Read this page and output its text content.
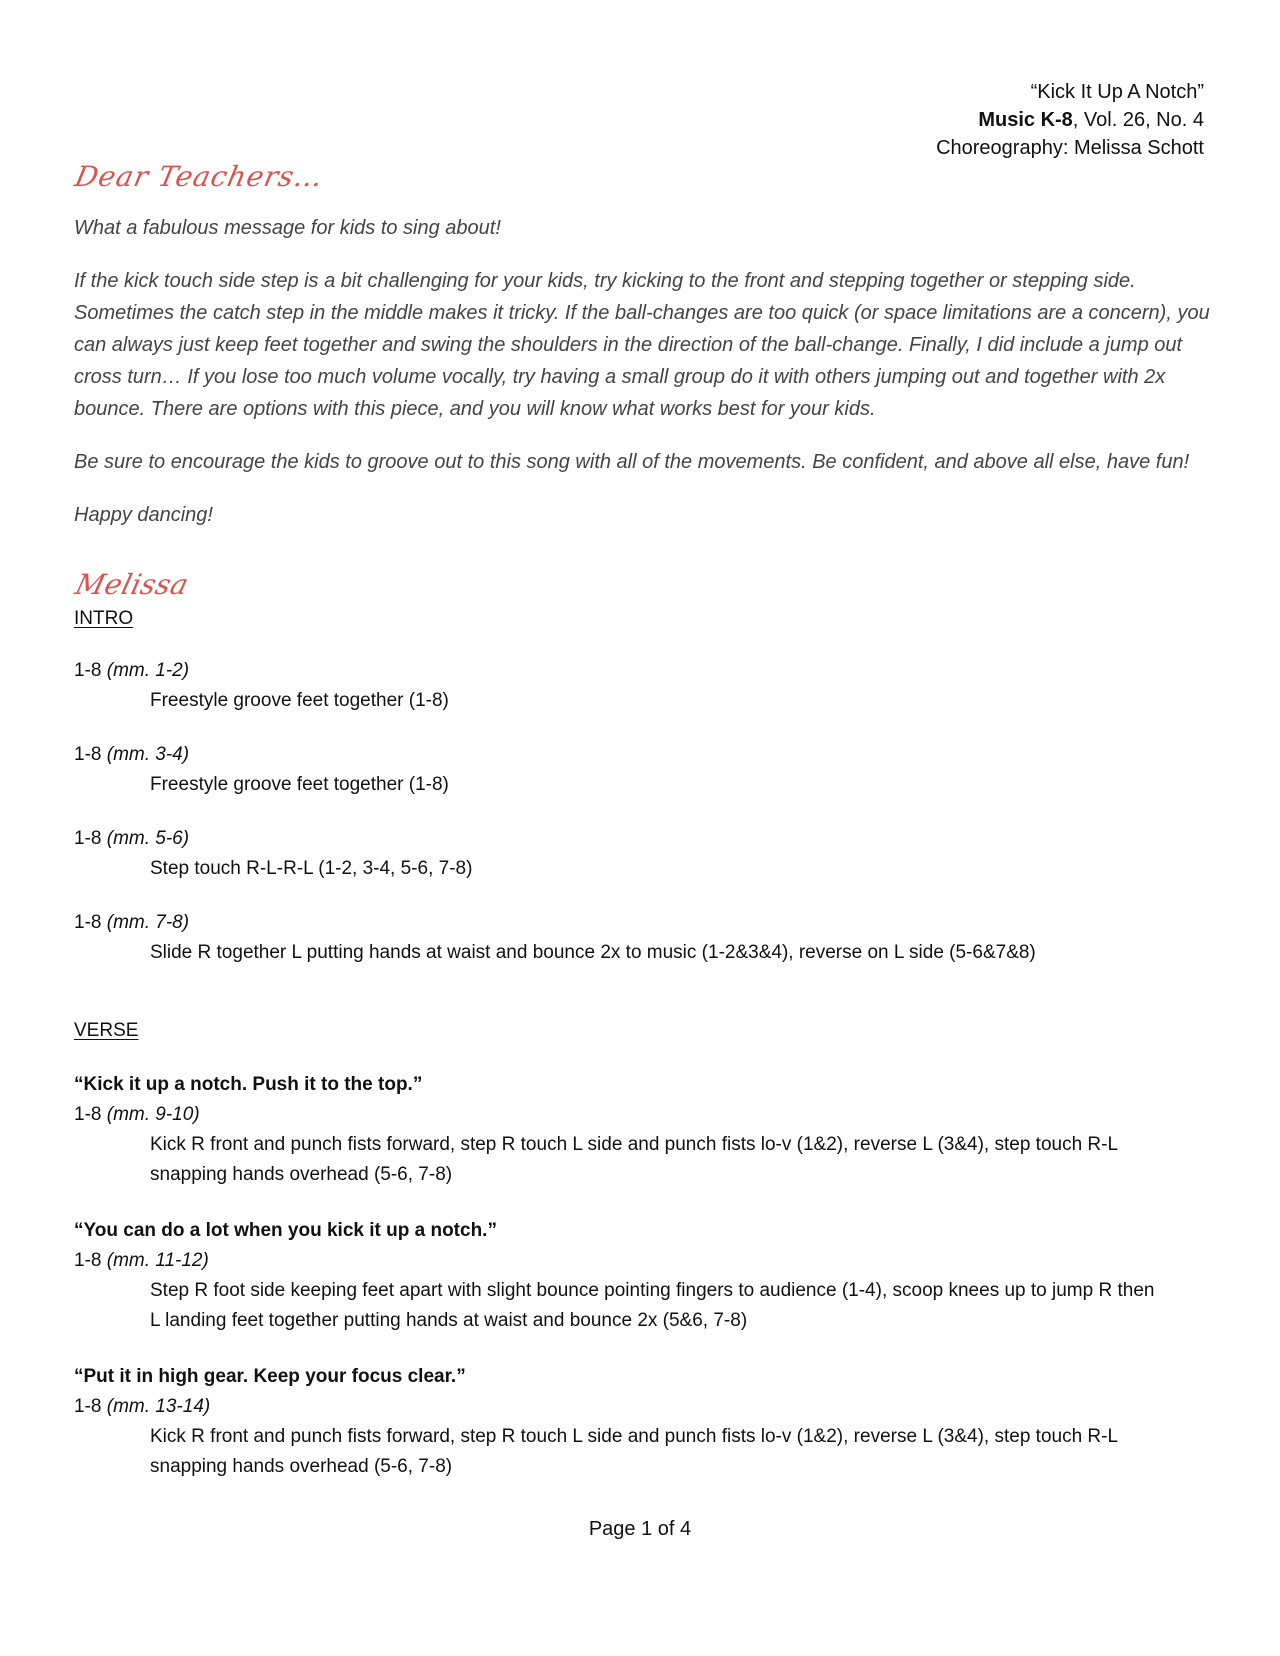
“Kick It Up A Notch”
Music K-8, Vol. 26, No. 4
Choreography: Melissa Schott
Dear Teachers…

What a fabulous message for kids to sing about!

If the kick touch side step is a bit challenging for your kids, try kicking to the front and stepping together or stepping side. Sometimes the catch step in the middle makes it tricky. If the ball-changes are too quick (or space limitations are a concern), you can always just keep feet together and swing the shoulders in the direction of the ball-change. Finally, I did include a jump out cross turn… If you lose too much volume vocally, try having a small group do it with others jumping out and together with 2x bounce. There are options with this piece, and you will know what works best for your kids.

Be sure to encourage the kids to groove out to this song with all of the movements. Be confident, and above all else, have fun!

Happy dancing!

Melissa
INTRO
1-8 (mm. 1-2)
Freestyle groove feet together (1-8)
1-8 (mm. 3-4)
Freestyle groove feet together (1-8)
1-8 (mm. 5-6)
Step touch R-L-R-L (1-2, 3-4, 5-6, 7-8)
1-8 (mm. 7-8)
Slide R together L putting hands at waist and bounce 2x to music (1-2&3&4), reverse on L side (5-6&7&8)
VERSE
“Kick it up a notch. Push it to the top.”
1-8 (mm. 9-10)
Kick R front and punch fists forward, step R touch L side and punch fists lo-v (1&2), reverse L (3&4), step touch R-L snapping hands overhead (5-6, 7-8)
“You can do a lot when you kick it up a notch.”
1-8 (mm. 11-12)
Step R foot side keeping feet apart with slight bounce pointing fingers to audience (1-4), scoop knees up to jump R then L landing feet together putting hands at waist and bounce 2x (5&6, 7-8)
“Put it in high gear. Keep your focus clear.”
1-8 (mm. 13-14)
Kick R front and punch fists forward, step R touch L side and punch fists lo-v (1&2), reverse L (3&4), step touch R-L snapping hands overhead (5-6, 7-8)
Page 1 of 4
